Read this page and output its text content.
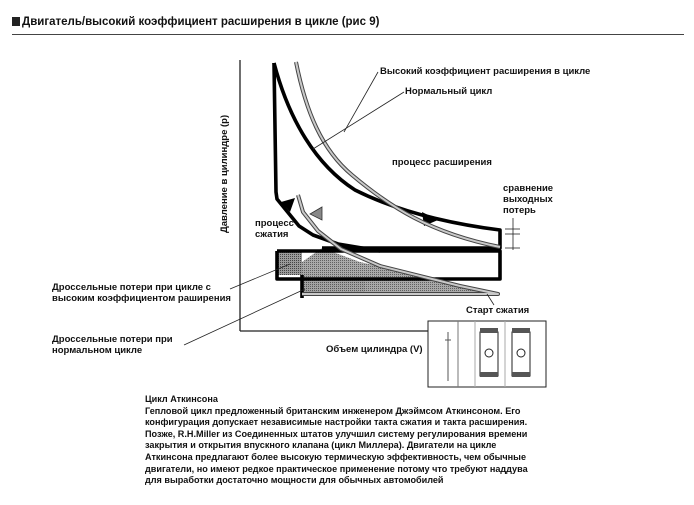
Двигатель/высокий коэффициент расширения в цикле (рис 9)
Давление в цилиндре (p)
Объем цилиндра (V)
Высокий коэффициент расширения в цикле
Нормальный цикл
процесс расширения
сравнение
выходных
потерь
процесс
сжатия
Дроссельные потери при цикле с
высоким коэффициентом раширения
Дроссельные потери при
нормальном цикле
Старт сжатия
Цикл Аткинсона
Гепловой цикл предложенный британским инженером Джэймсом Аткинсоном. Его
конфигурация допускает независимые настройки такта сжатия и такта расширения.
Позже, R.H.Miller из Соединенных штатов улучшил систему регулирования времени
закрытия и открытия впускного клапана (цикл Миллера). Двигатели на цикле
Аткинсона предлагают более высокую термическую эффективность, чем обычные
двигатели, но имеют редкое практическое применение потому что требуют наддува
для выработки достаточно мощности для обычных автомобилей
